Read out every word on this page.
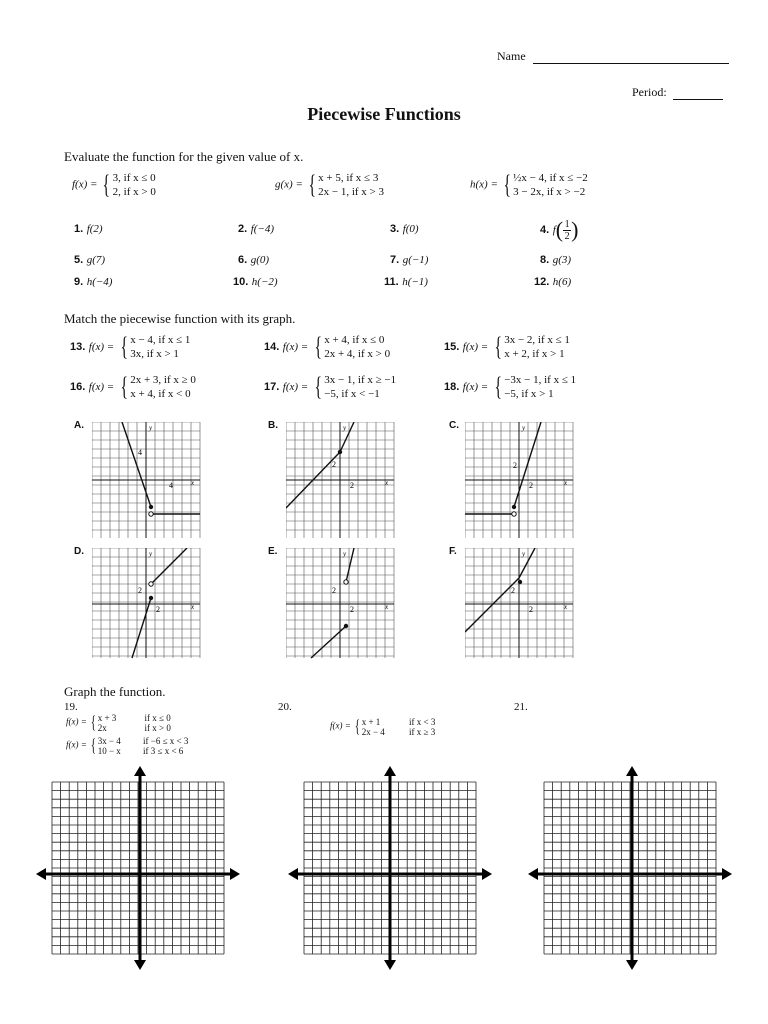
Name
Period:
Piecewise Functions
Evaluate the function for the given value of x.
f(x) = { 3, if x ≤ 0
2, if x > 0
g(x) = { x + 5, if x ≤ 3
2x − 1, if x > 3
h(x) = { ½x − 4, if x ≤ −2
3 − 2x, if x > −2
1. f(2)	2. f(−4)	3. f(0)	4.
f ( 1
2 )
5. g(7)	6. g(0)	7. g(−1)	8. g(3)
9. h(−4)	10. h(−2)	11. h(−1)	12. h(6)
Match the piecewise function with its graph.
13. f(x) = { x − 4, if x ≤ 1
3x, if x > 1
14. f(x) = { x + 4, if x ≤ 0
2x + 4, if x > 0
15. f(x) = { 3x − 2, if x ≤ 1
x + 2, if x > 1
16. f(x) = { 2x + 3, if x ≥ 0
x + 4, if x < 0
17. f(x) = { 3x − 1, if x ≥ −1
−5, if x < −1
18. f(x) = { −3x − 1, if x ≤ 1
−5, if x > 1
A.	B.	C.
D.	E.	F.
4
4	x
y
2
2	x
y
2
2	x
y
2
2	x
y
2
2	x
y
2
2	x
y
Graph the function.
19.	20.	21.
f(x) = { x + 3
2x if x ≤ 0
if x > 0
f(x) = { 3x − 4
10 − x if −6 ≤ x < 3
if 3 ≤ x < 6
f(x) = { x + 1
2x − 4 if x < 3
if x ≥ 3
